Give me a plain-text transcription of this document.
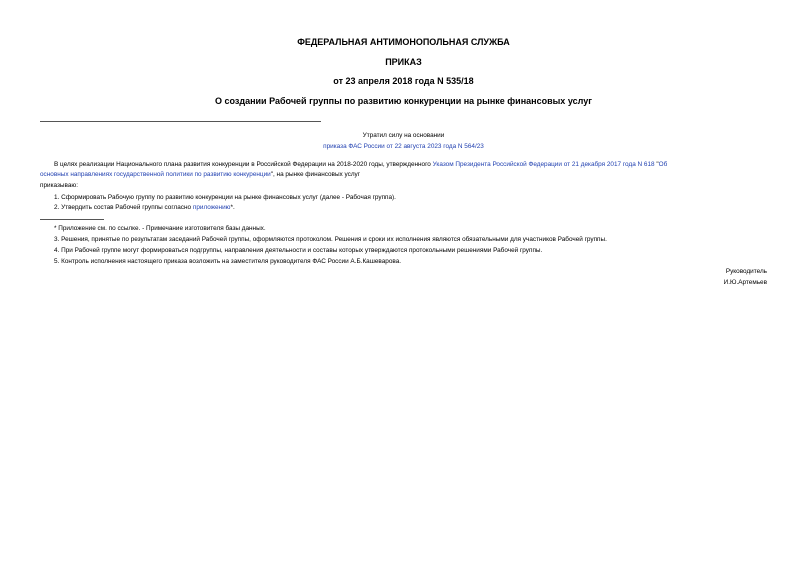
ФЕДЕРАЛЬНАЯ АНТИМОНОПОЛЬНАЯ СЛУЖБА
ПРИКАЗ
от 23 апреля 2018 года N 535/18
О создании Рабочей группы по развитию конкуренции на рынке финансовых услуг
Утратил силу на основании
приказа ФАС России от 22 августа 2023 года N 564/23
В целях реализации Национального плана развития конкуренции в Российской Федерации на 2018-2020 годы, утвержденного Указом Президента Российской Федерации от 21 декабря 2017 года N 618 "Об
основных направлениях государственной политики по развитию конкуренции", на рынке финансовых услуг
приказываю:
1. Сформировать Рабочую группу по развитию конкуренции на рынке финансовых услуг (далее - Рабочая группа).
2. Утвердить состав Рабочей группы согласно приложению*.
* Приложение см. по ссылке. - Примечание изготовителя базы данных.
3. Решения, принятые по результатам заседаний Рабочей группы, оформляются протоколом. Решения и сроки их исполнения являются обязательными для участников Рабочей группы.
4. При Рабочей группе могут формироваться подгруппы, направления деятельности и составы которых утверждаются протокольными решениями Рабочей группы.
5. Контроль исполнения настоящего приказа возложить на заместителя руководителя ФАС России А.Б.Кашеварова.
Руководитель
И.Ю.Артемьев
